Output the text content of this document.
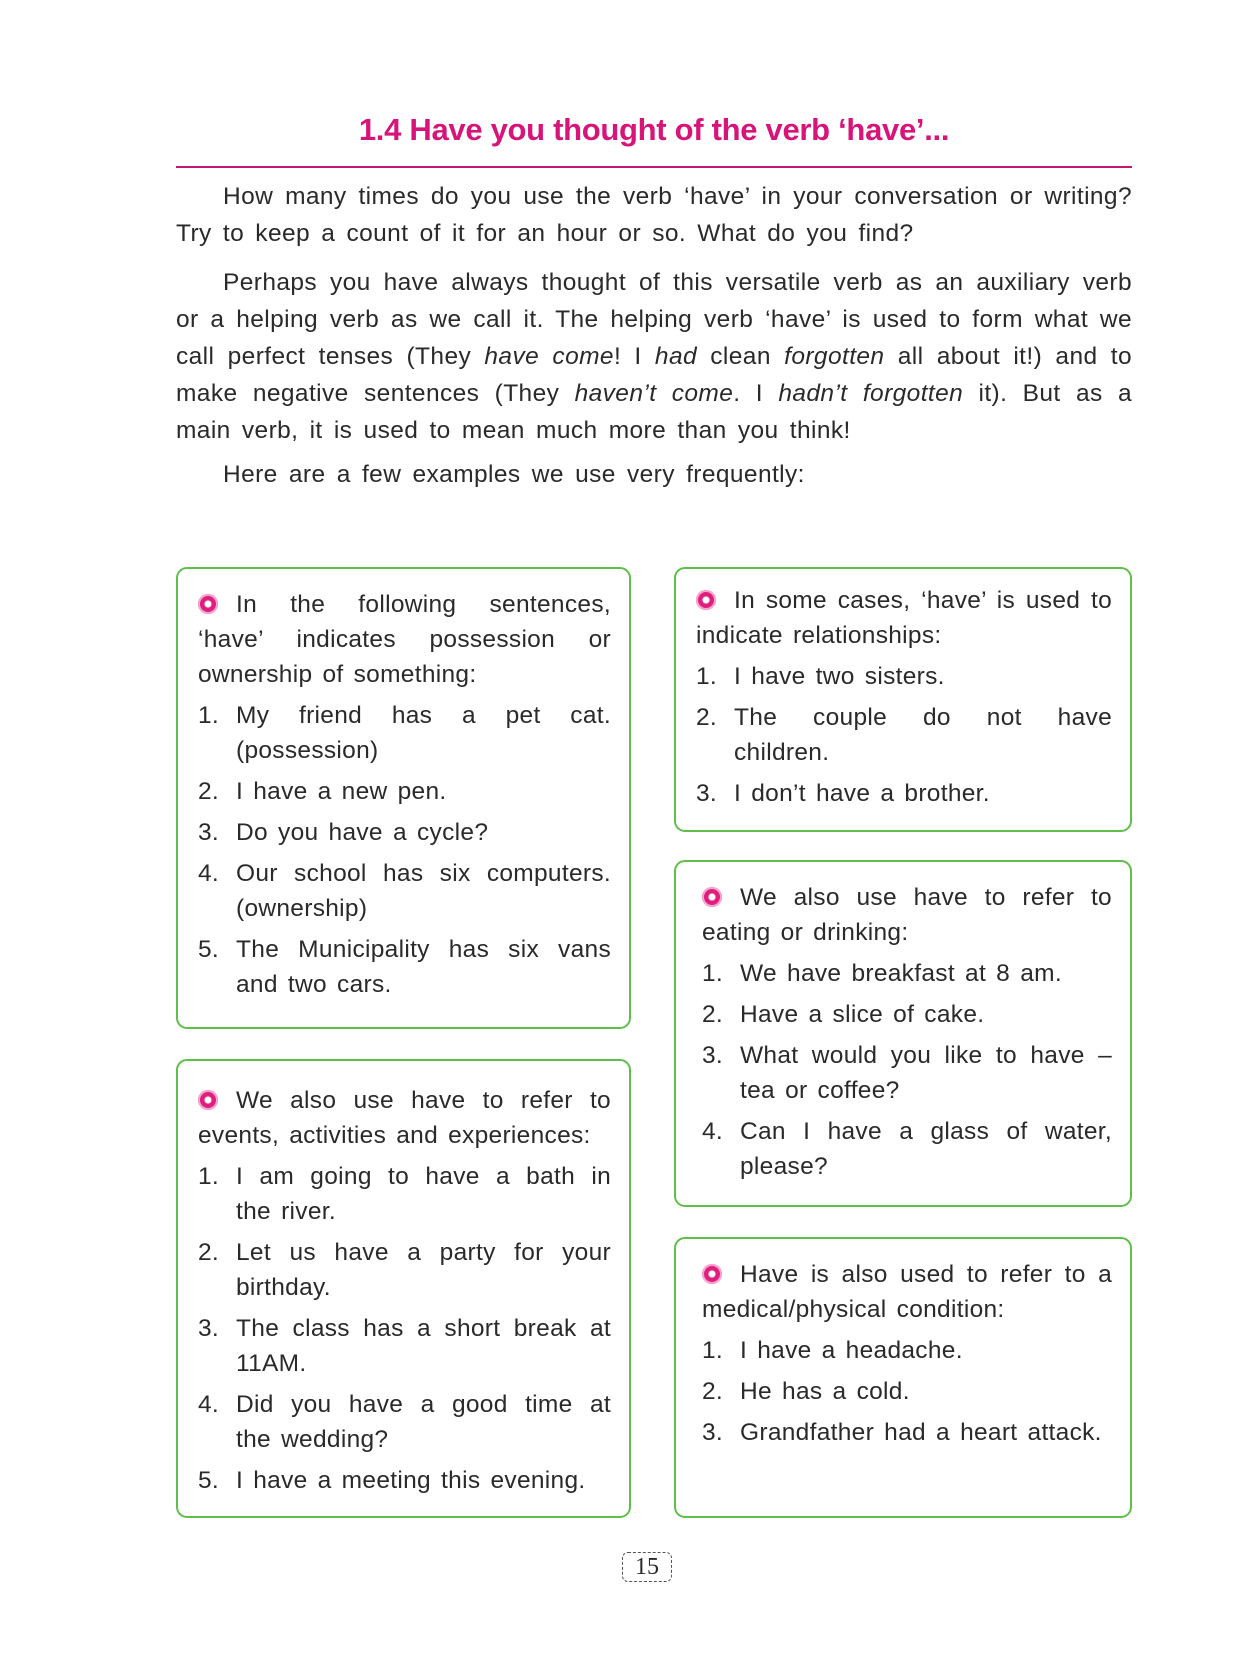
1.4 Have you thought of the verb ‘have’...
How many times do you use the verb ‘have’ in your conversation or writing? Try to keep a count of it for an hour or so. What do you find?
Perhaps you have always thought of this versatile verb as an auxiliary verb or a helping verb as we call it. The helping verb ‘have’ is used to form what we call perfect tenses (They have come! I had clean forgotten all about it!) and to make negative sentences (They haven’t come. I hadn’t forgotten it). But as a main verb, it is used to mean much more than you think!
Here are a few examples we use very frequently:

In the following sentences, ‘have’ indicates possession or ownership of something:

1. My friend has a pet cat. (possession)
2. I have a new pen.
3. Do you have a cycle?
4. Our school has six computers. (ownership)
5. The Municipality has six vans and two cars.

We also use have to refer to events, activities and experiences:

1. I am going to have a bath in the river.
2. Let us have a party for your birthday.
3. The class has a short break at 11AM.
4. Did you have a good time at the wedding?
5. I have a meeting this evening.

In some cases, ‘have’ is used to indicate relationships:

1. I have two sisters.
2. The couple do not have children.
3. I don’t have a brother.

We also use have to refer to eating or drinking:

1. We have breakfast at 8 am.
2. Have a slice of cake.
3. What would you like to have – tea or coffee?
4. Can I have a glass of water, please?

Have is also used to refer to a medical/physical condition:

1. I have a headache.
2. He has a cold.
3. Grandfather had a heart attack.
15
